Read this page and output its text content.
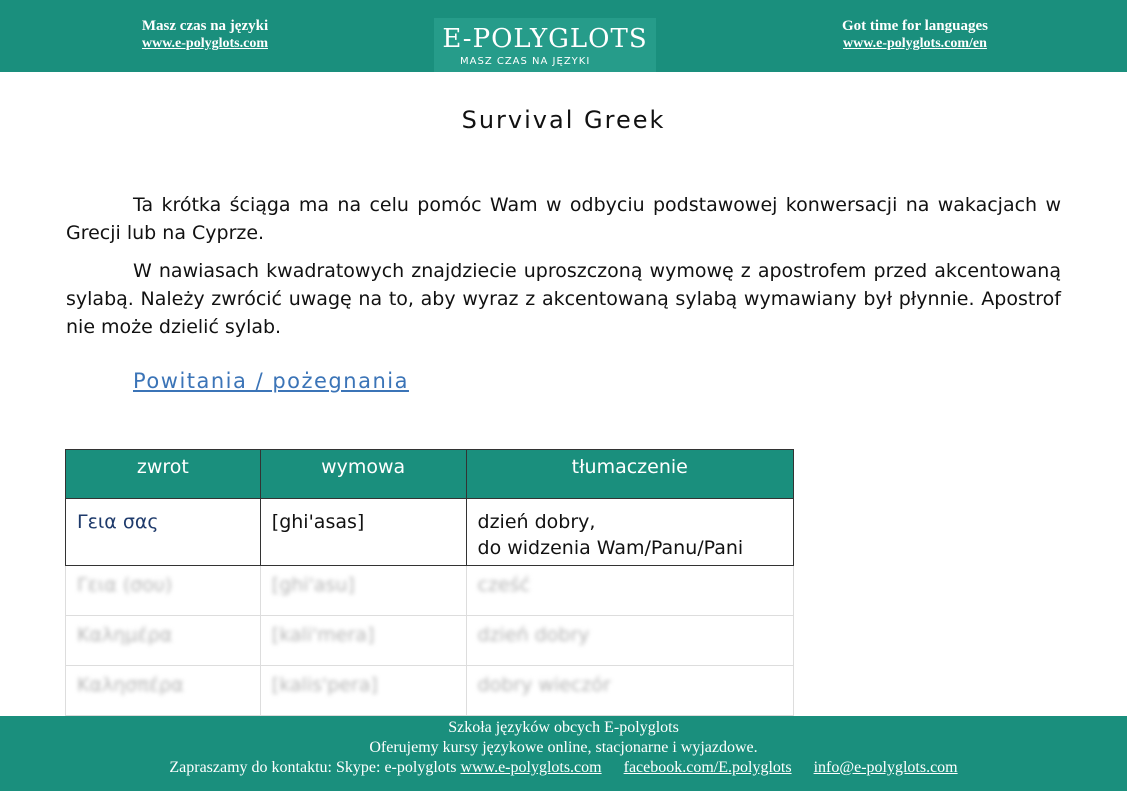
Masz czas na języki
www.e-polyglots.com	E-POLYGLOTS
MASZ CZAS NA JĘZYKI
Got time for languages
www.e-polyglots.com/en
Survival Greek
Ta krótka ściąga ma na celu pomóc Wam w odbyciu podstawowej konwersacji na wakacjach w Grecji lub na Cyprze.
W nawiasach kwadratowych znajdziecie uproszczoną wymowę z apostrofem przed akcentowaną sylabą. Należy zwrócić uwagę na to, aby wyraz z akcentowaną sylabą wymawiany był płynnie. Apostrof nie może dzielić sylab.
Powitania / pożegnania
zwrot	wymowa	tłumaczenie
Γεια σας	[ghi'asas]	dzień dobry,
do widzenia Wam/Panu/Pani

Γεια (σου)	[ghi'asu]	cześć
Καλημέρα	[kali'mera]	dzień dobry
Καλησπέρα	[kalis'pera]	dobry wieczór
Szkoła języków obcych E-polyglots
Oferujemy kursy językowe online, stacjonarne i wyjazdowe.
Zapraszamy do kontaktu: Skype: e-polyglots www.e-polyglots.com facebook.com/E.polyglots info@e-polyglots.com
